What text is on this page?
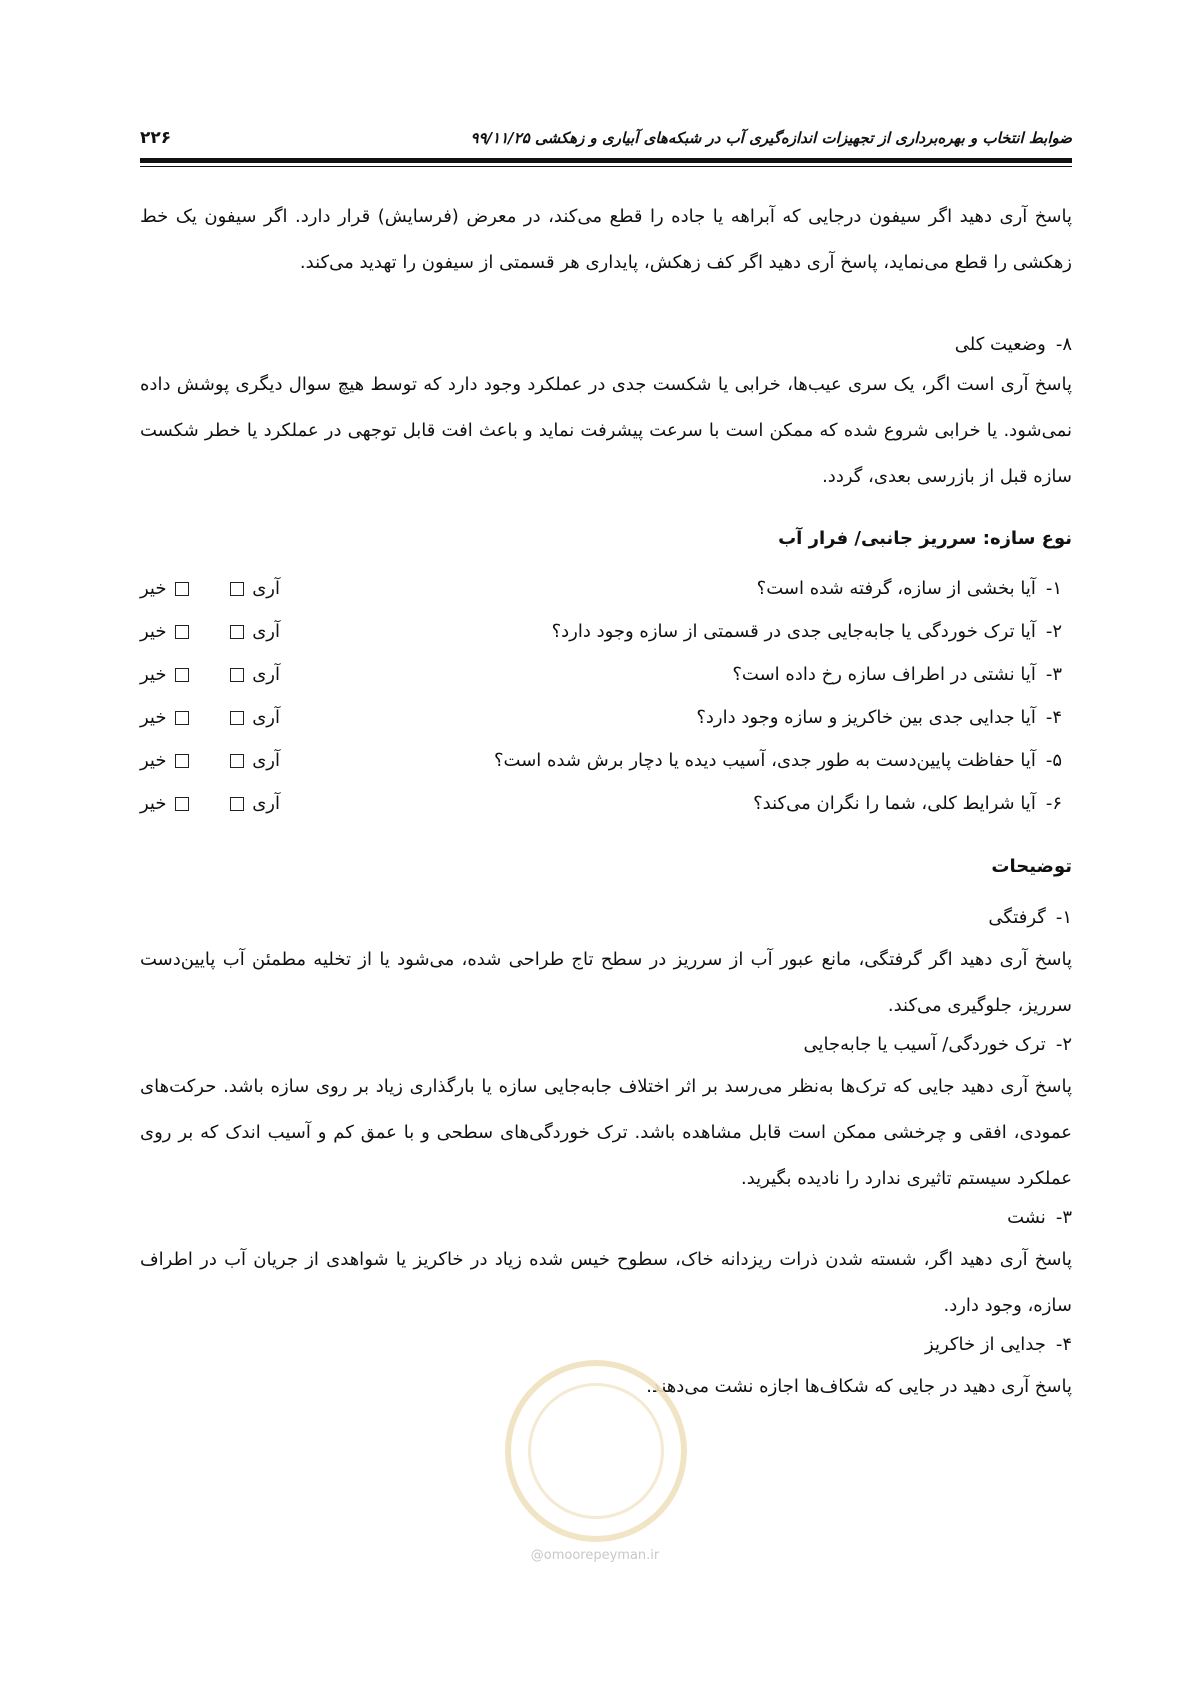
۲۲۶	ضوابط انتخاب و بهره‌برداری از تجهیزات اندازه‌گیری آب در شبکه‌های آبیاری و زهکشی ۹۹/۱۱/۲۵
پاسخ آری دهید اگر سیفون درجایی که آبراهه یا جاده را قطع می‌کند، در معرض (فرسایش) قرار دارد. اگر سیفون یک خط زهکشی را قطع می‌نماید، پاسخ آری دهید اگر کف زهکش، پایداری هر قسمتی از سیفون را تهدید می‌کند.
۸-وضعیت کلی
پاسخ آری است اگر، یک سری عیب‌ها، خرابی یا شکست جدی در عملکرد وجود دارد که توسط هیچ سوال دیگری پوشش داده نمی‌شود. یا خرابی شروع شده که ممکن است با سرعت پیشرفت نماید و باعث افت قابل توجهی در عملکرد یا خطر شکست سازه قبل از بازرسی بعدی، گردد.
نوع سازه: سرریز جانبی/ فرار آب
۱-آیا بخشی از سازه، گرفته شده است؟
آری
خیر
۲-آیا ترک خوردگی یا جابه‌جایی جدی در قسمتی از سازه وجود دارد؟
آری
خیر
۳-آیا نشتی در اطراف سازه رخ داده است؟
آری
خیر
۴-آیا جدایی جدی بین خاکریز و سازه وجود دارد؟
آری
خیر
۵-آیا حفاظت پایین‌دست به طور جدی، آسیب دیده یا دچار برش شده است؟
آری
خیر
۶-آیا شرایط کلی، شما را نگران می‌کند؟
آری
خیر
توضیحات
۱-گرفتگی
پاسخ آری دهید اگر گرفتگی، مانع عبور آب از سرریز در سطح تاج طراحی شده، می‌شود یا از تخلیه مطمئن آب پایین‌دست سرریز، جلوگیری می‌کند.
۲-ترک خوردگی/ آسیب یا جابه‌جایی
پاسخ آری دهید جایی که ترک‌ها به‌نظر می‌رسد بر اثر اختلاف جابه‌جایی سازه یا بارگذاری زیاد بر روی سازه باشد. حرکت‌های عمودی، افقی و چرخشی ممکن است قابل مشاهده باشد. ترک خوردگی‌های سطحی و با عمق کم و آسیب اندک که بر روی عملکرد سیستم تاثیری ندارد را نادیده بگیرید.
۳-نشت
پاسخ آری دهید اگر، شسته شدن ذرات ریزدانه خاک، سطوح خیس شده زیاد در خاکریز یا شواهدی از جریان آب در اطراف سازه، وجود دارد.
۴-جدایی از خاکریز
پاسخ آری دهید در جایی که شکاف‌ها اجازه نشت می‌دهند.
@omoorepeyman.ir
